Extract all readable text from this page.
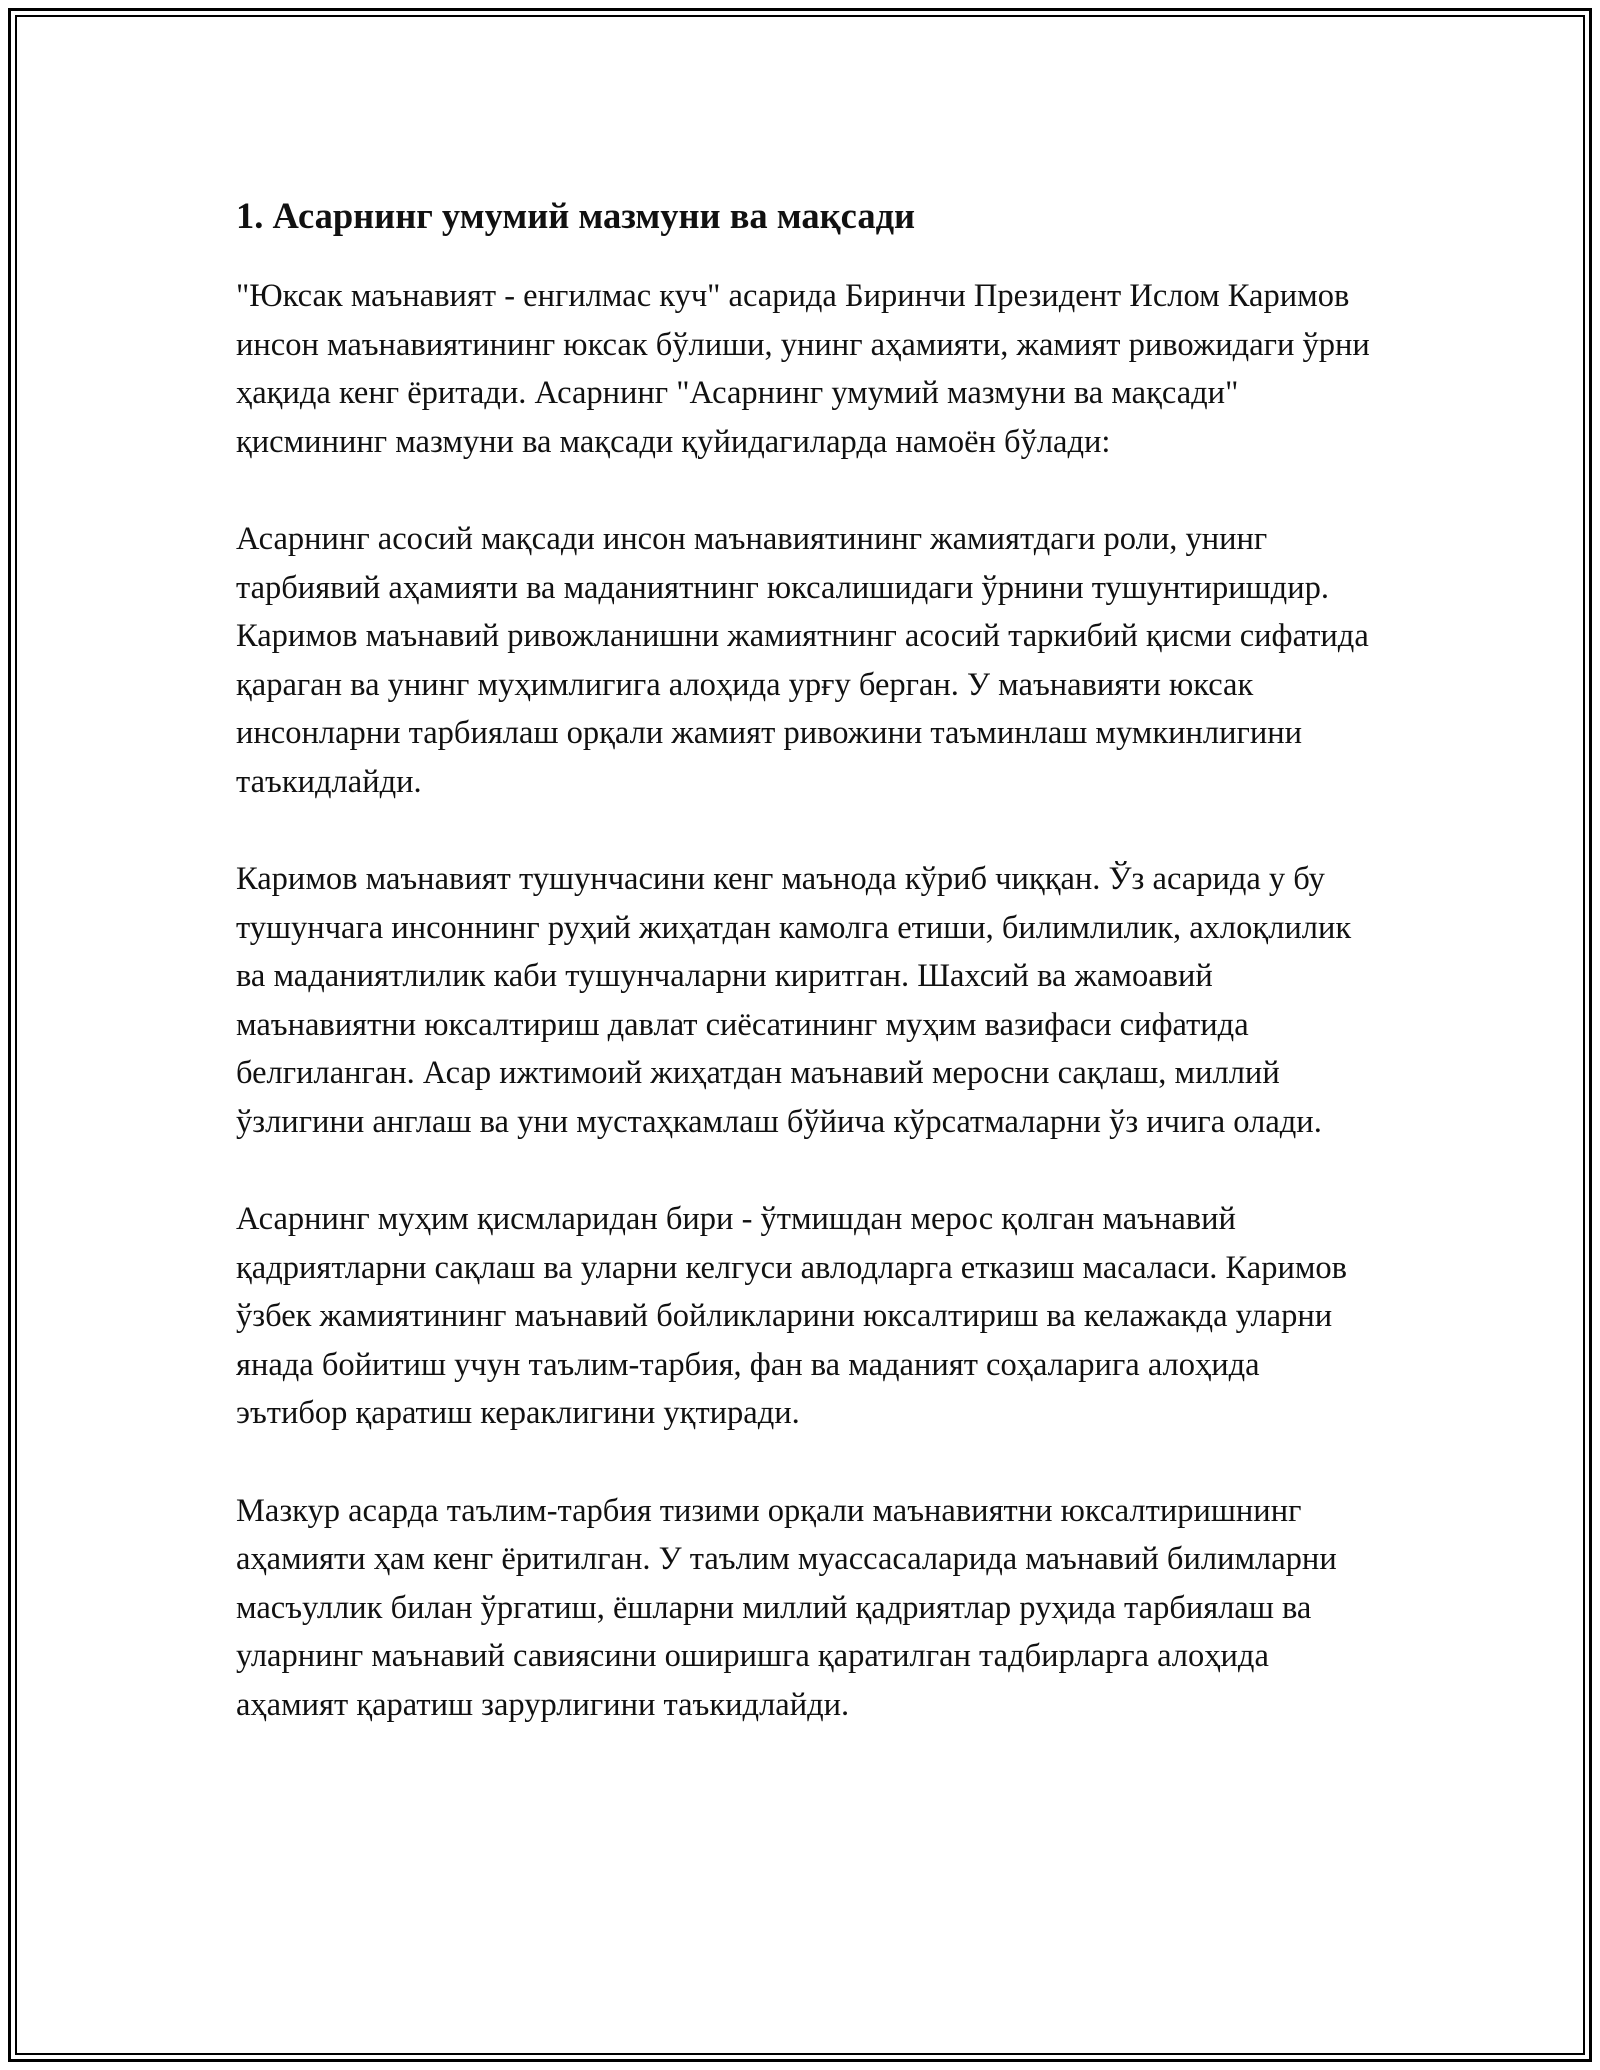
1. Асарнинг умумий мазмуни ва мақсади

"Юксак маънавият - енгилмас куч" асарида Биринчи Президент Ислом Каримов инсон маънавиятининг юксак бўлиши, унинг аҳамияти, жамият ривожидаги ўрни ҳақида кенг ёритади. Асарнинг "Асарнинг умумий мазмуни ва мақсади" қисмининг мазмуни ва мақсади қуйидагиларда намоён бўлади:

Асарнинг асосий мақсади инсон маънавиятининг жамиятдаги роли, унинг тарбиявий аҳамияти ва маданиятнинг юксалишидаги ўрнини тушунтиришдир. Каримов маънавий ривожланишни жамиятнинг асосий таркибий қисми сифатида қараган ва унинг муҳимлигига алоҳида урғу берган. У маънавияти юксак инсонларни тарбиялаш орқали жамият ривожини таъминлаш мумкинлигини таъкидлайди.

Каримов маънавият тушунчасини кенг маънода кўриб чиққан. Ўз асарида у бу тушунчага инсоннинг руҳий жиҳатдан камолга етиши, билимлилик, ахлоқлилик ва маданиятлилик каби тушунчаларни киритган. Шахсий ва жамоавий маънавиятни юксалтириш давлат сиёсатининг муҳим вазифаси сифатида белгиланган. Асар ижтимоий жиҳатдан маънавий меросни сақлаш, миллий ўзлигини англаш ва уни мустаҳкамлаш бўйича кўрсатмаларни ўз ичига олади.

Асарнинг муҳим қисмларидан бири - ўтмишдан мерос қолган маънавий қадриятларни сақлаш ва уларни келгуси авлодларга етказиш масаласи. Каримов ўзбек жамиятининг маънавий бойликларини юксалтириш ва келажакда уларни янада бойитиш учун таълим-тарбия, фан ва маданият соҳаларига алоҳида эътибор қаратиш кераклигини уқтиради.

Мазкур асарда таълим-тарбия тизими орқали маънавиятни юксалтиришнинг аҳамияти ҳам кенг ёритилган. У таълим муассасаларида маънавий билимларни масъуллик билан ўргатиш, ёшларни миллий қадриятлар руҳида тарбиялаш ва уларнинг маънавий савиясини оширишга қаратилган тадбирларга алоҳида аҳамият қаратиш зарурлигини таъкидлайди.
